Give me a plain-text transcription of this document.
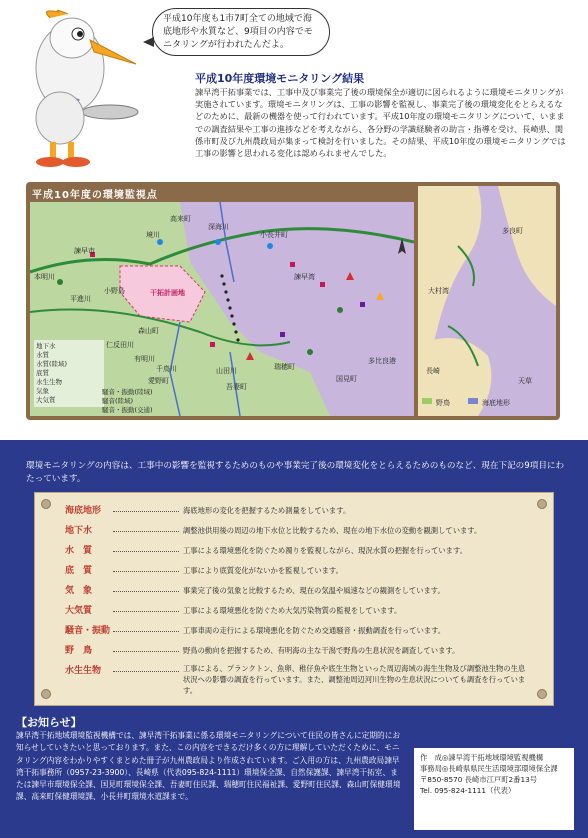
平成10年度も1市7町全ての地域で海底地形や水質など、9項目の内容でモニタリングが行われたんだよ。
平成10年度環境モニタリング結果
諫早湾干拓事業では、工事中及び事業完了後の環境保全が適切に図られるように環境モニタリングが実施されています。環境モニタリングは、工事の影響を監視し、事業完了後の環境変化をとらえるなどのために、最新の機器を使って行われています。平成10年度の環境モニタリングについて、いままでの調査結果や工事の進捗などを考えながら、各分野の学識経験者の助言・指導を受け、長崎県、関係市町及び九州農政局が集まって検討を行いました。その結果、平成10年度の環境モニタリングでは工事の影響と思われる変化は認められませんでした。
平成10年度の環境監視点
諫早市
高来町
小長井町
本明川
小野島
平進川
干拓計画地
諫早湾
森山町
仁反田川
有明川
千鳥川
愛野町
山田川
吾妻町
瑞穂町
国見町
多比良港
境川
深海川
地下水
水質
水質(陸域)
底質
水生生物
気象
大気質
騒音・振動(陸域)
騒音(陸域)
騒音・振動(交通)
野鳥	海底地形
多良町
大村湾
長崎
天草
環境モニタリングの内容は、工事中の影響を監視するためのものや事業完了後の環境変化をとらえるためのものなど、現在下記の9項目にわたっています。
海底地形	海底地形の変化を把握するため測量をしています。
地下水	調整池供用後の周辺の地下水位と比較するため、現在の地下水位の変動を観測しています。
水　質	工事による環境悪化を防ぐため濁りを監視しながら、現況水質の把握を行っています。
底　質	工事により底質変化がないかを監視しています。
気　象	事業完了後の気象と比較するため、現在の気温や風速などの観測をしています。
大気質	工事による環境悪化を防ぐため大気汚染物質の監視をしています。
騒音・振動	工事車両の走行による環境悪化を防ぐため交通騒音・振動調査を行っています。
野　鳥	野鳥の動向を把握するため、有明海の主な干潟で野鳥の生息状況を調査しています。
水生生物	工事による、プランクトン、魚卵、稚仔魚や底生生物といった周辺海域の海生生物及び調整池生物の生息状況への影響の調査を行っています。また、調整池周辺河川生物の生息状況についても調査を行っています。
【お知らせ】
諫早湾干拓地域環境監視機構では、諫早湾干拓事業に係る環境モニタリングについて住民の皆さんに定期的にお知らせしていきたいと思っております。また、この内容をできるだけ多くの方に理解していただくために、モニタリング内容をわかりやすくまとめた冊子が九州農政局より作成されています。ご入用の方は、九州農政局諫早湾干拓事務所（0957-23-3900）、長崎県（代表095-824-1111）環境保全課、自然保護課、諫早湾干拓室、または諫早市環境保全課、国見町環境保全課、吾妻町住民課、瑞穂町住民福祉課、愛野町住民課、森山町保健環境課、高来町保健環境課、小長井町環境水道課まで。
作　成◎諫早湾干拓地域環境監視機構
事務局◎長崎県県民生活環境部環境保全課
〒850-8570 長崎市江戸町2番13号
Tel. 095-824-1111（代表）
